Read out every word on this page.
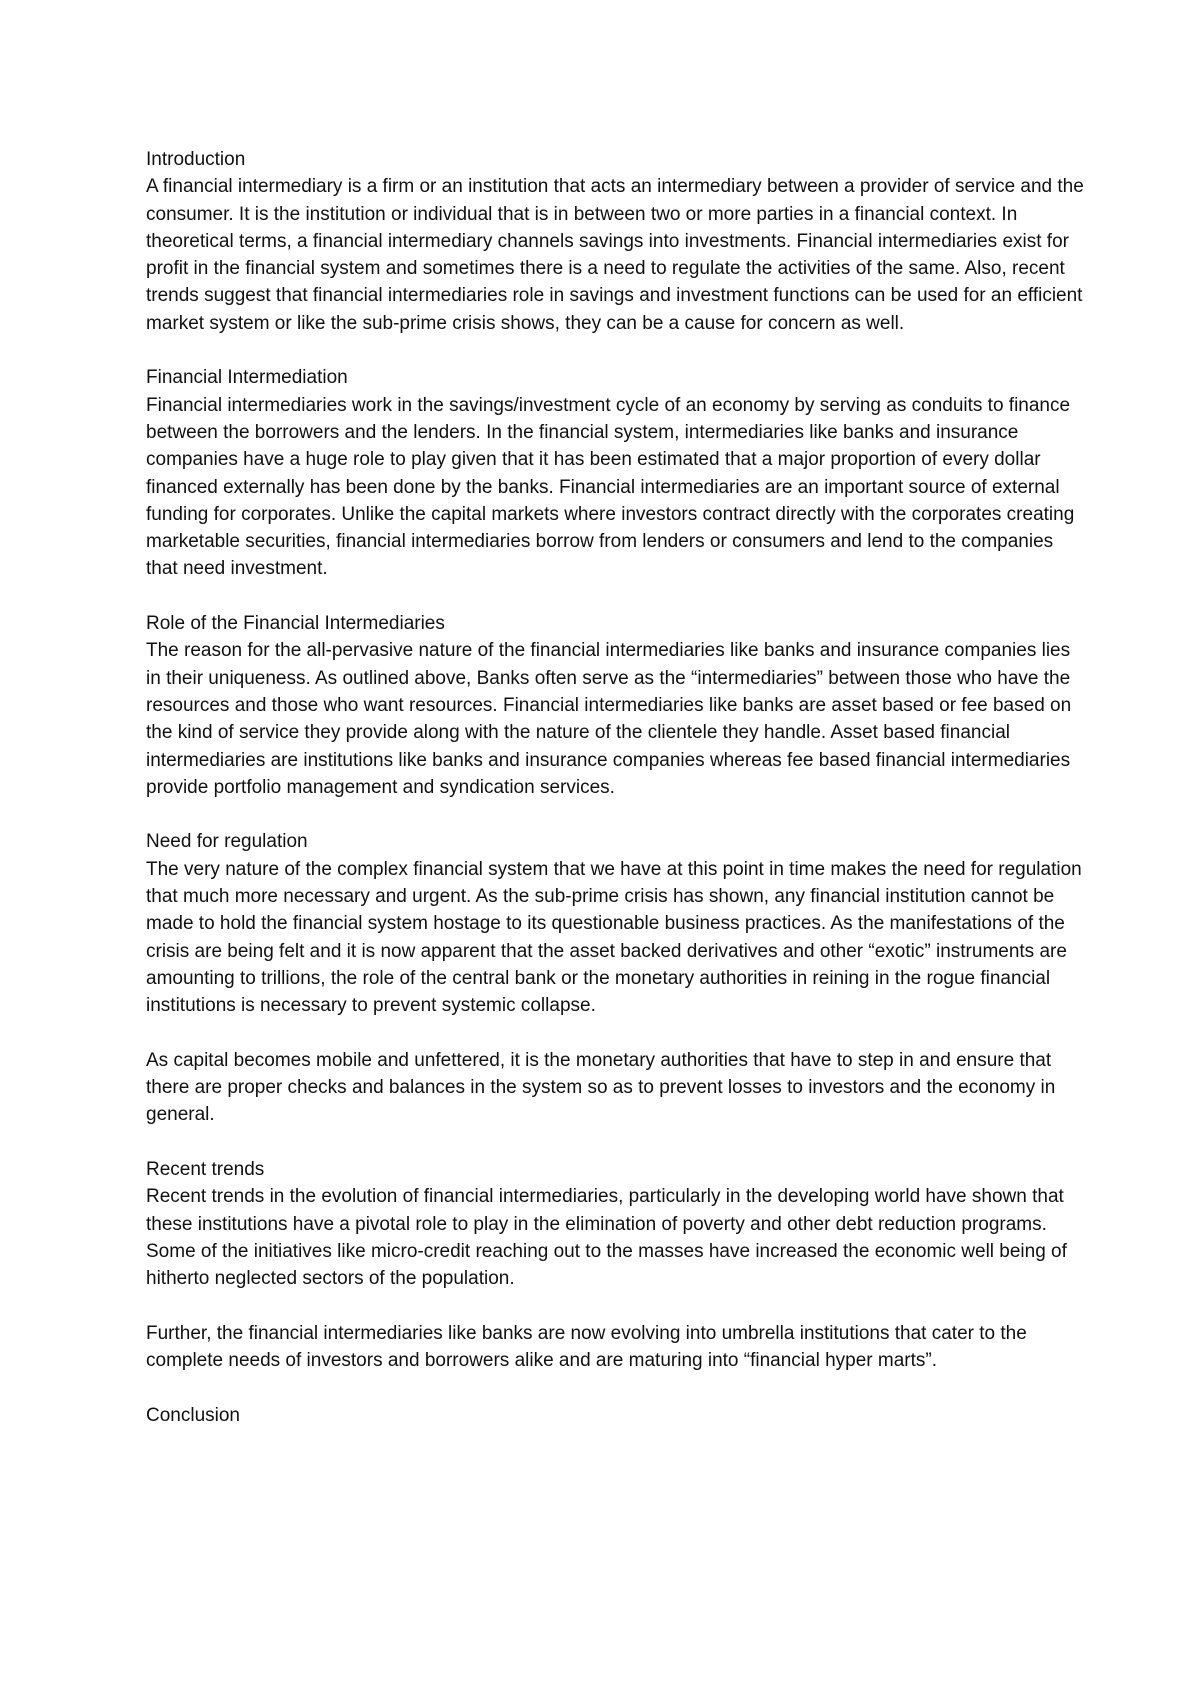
Introduction
A financial intermediary is a firm or an institution that acts an intermediary between a provider of service and the consumer. It is the institution or individual that is in between two or more parties in a financial context. In theoretical terms, a financial intermediary channels savings into investments. Financial intermediaries exist for profit in the financial system and sometimes there is a need to regulate the activities of the same. Also, recent trends suggest that financial intermediaries role in savings and investment functions can be used for an efficient market system or like the sub-prime crisis shows, they can be a cause for concern as well.
Financial Intermediation
Financial intermediaries work in the savings/investment cycle of an economy by serving as conduits to finance between the borrowers and the lenders. In the financial system, intermediaries like banks and insurance companies have a huge role to play given that it has been estimated that a major proportion of every dollar financed externally has been done by the banks. Financial intermediaries are an important source of external funding for corporates. Unlike the capital markets where investors contract directly with the corporates creating marketable securities, financial intermediaries borrow from lenders or consumers and lend to the companies that need investment.
Role of the Financial Intermediaries
The reason for the all-pervasive nature of the financial intermediaries like banks and insurance companies lies in their uniqueness. As outlined above, Banks often serve as the “intermediaries” between those who have the resources and those who want resources. Financial intermediaries like banks are asset based or fee based on the kind of service they provide along with the nature of the clientele they handle. Asset based financial intermediaries are institutions like banks and insurance companies whereas fee based financial intermediaries provide portfolio management and syndication services.
Need for regulation
The very nature of the complex financial system that we have at this point in time makes the need for regulation that much more necessary and urgent. As the sub-prime crisis has shown, any financial institution cannot be made to hold the financial system hostage to its questionable business practices. As the manifestations of the crisis are being felt and it is now apparent that the asset backed derivatives and other “exotic” instruments are amounting to trillions, the role of the central bank or the monetary authorities in reining in the rogue financial institutions is necessary to prevent systemic collapse.
As capital becomes mobile and unfettered, it is the monetary authorities that have to step in and ensure that there are proper checks and balances in the system so as to prevent losses to investors and the economy in general.
Recent trends
Recent trends in the evolution of financial intermediaries, particularly in the developing world have shown that these institutions have a pivotal role to play in the elimination of poverty and other debt reduction programs. Some of the initiatives like micro-credit reaching out to the masses have increased the economic well being of hitherto neglected sectors of the population.
Further, the financial intermediaries like banks are now evolving into umbrella institutions that cater to the complete needs of investors and borrowers alike and are maturing into “financial hyper marts”.
Conclusion
